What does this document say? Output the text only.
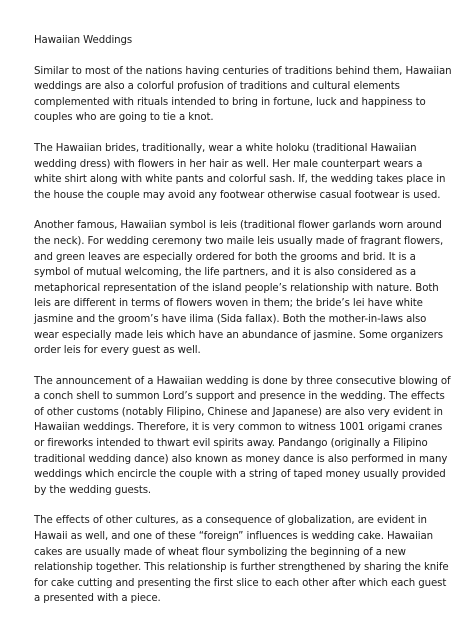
Hawaiian Weddings

Similar to most of the nations having centuries of traditions behind them, Hawaiian weddings are also a colorful profusion of traditions and cultural elements complemented with rituals intended to bring in fortune, luck and happiness to couples who are going to tie a knot.

The Hawaiian brides, traditionally, wear a white holoku (traditional Hawaiian wedding dress) with flowers in her hair as well. Her male counterpart wears a white shirt along with white pants and colorful sash. If, the wedding takes place in the house the couple may avoid any footwear otherwise casual footwear is used.

Another famous, Hawaiian symbol is leis (traditional flower garlands worn around the neck). For wedding ceremony two maile leis usually made of fragrant flowers, and green leaves are especially ordered for both the grooms and brid. It is a symbol of mutual welcoming, the life partners, and it is also considered as a metaphorical representation of the island people’s relationship with nature. Both leis are different in terms of flowers woven in them; the bride’s lei have white jasmine and the groom’s have ilima (Sida fallax). Both the mother-in-laws also wear especially made leis which have an abundance of jasmine. Some organizers order leis for every guest as well.

The announcement of a Hawaiian wedding is done by three consecutive blowing of a conch shell to summon Lord’s support and presence in the wedding. The effects of other customs (notably Filipino, Chinese and Japanese) are also very evident in Hawaiian weddings. Therefore, it is very common to witness 1001 origami cranes or fireworks intended to thwart evil spirits away. Pandango (originally a Filipino traditional wedding dance) also known as money dance is also performed in many weddings which encircle the couple with a string of taped money usually provided by the wedding guests.

The effects of other cultures, as a consequence of globalization, are evident in Hawaii as well, and one of these “foreign” influences is wedding cake. Hawaiian cakes are usually made of wheat flour symbolizing the beginning of a new relationship together. This relationship is further strengthened by sharing the knife for cake cutting and presenting the first slice to each other after which each guest a presented with a piece.
